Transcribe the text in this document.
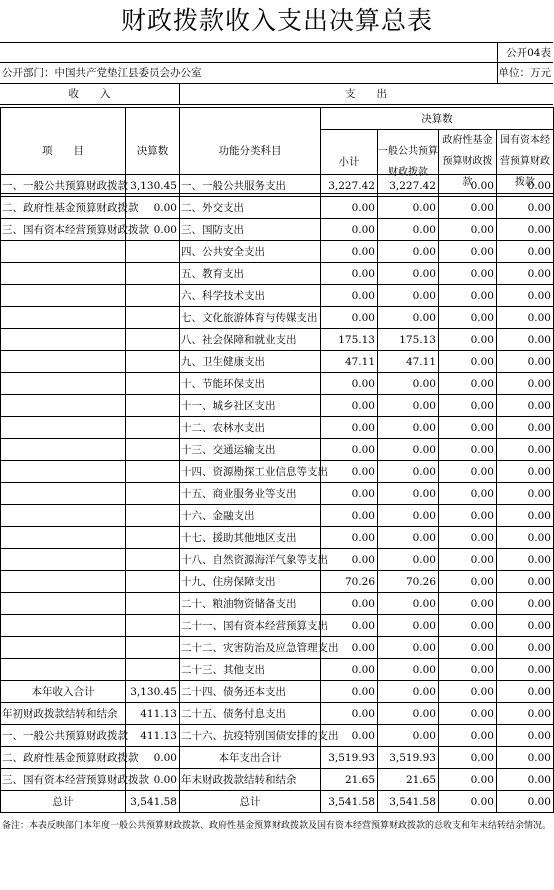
财政拨款收入支出决算总表
公开04表
公开部门：中国共产党垫江县委员会办公室	单位：万元
收　　入	支　　出
项　　目	决算数	功能分类科目	决算数			
			小计	一般公共预算财政拨款	政府性基金预算财政拨款	国有资本经营预算财政拨款

一、一般公共预算财政拨款	3,130.45	一、一般公共服务支出	3,227.42	3,227.42	0.00	0.00
二、政府性基金预算财政拨款	0.00	二、外交支出	0.00	0.00	0.00	0.00
三、国有资本经营预算财政拨款	0.00	三、国防支出	0.00	0.00	0.00	0.00
		四、公共安全支出	0.00	0.00	0.00	0.00
		五、教育支出	0.00	0.00	0.00	0.00
		六、科学技术支出	0.00	0.00	0.00	0.00
		七、文化旅游体育与传媒支出	0.00	0.00	0.00	0.00
		八、社会保障和就业支出	175.13	175.13	0.00	0.00
		九、卫生健康支出	47.11	47.11	0.00	0.00
		十、节能环保支出	0.00	0.00	0.00	0.00
		十一、城乡社区支出	0.00	0.00	0.00	0.00
		十二、农林水支出	0.00	0.00	0.00	0.00
		十三、交通运输支出	0.00	0.00	0.00	0.00
		十四、资源勘探工业信息等支出	0.00	0.00	0.00	0.00
		十五、商业服务业等支出	0.00	0.00	0.00	0.00
		十六、金融支出	0.00	0.00	0.00	0.00
		十七、援助其他地区支出	0.00	0.00	0.00	0.00
		十八、自然资源海洋气象等支出	0.00	0.00	0.00	0.00
		十九、住房保障支出	70.26	70.26	0.00	0.00
		二十、粮油物资储备支出	0.00	0.00	0.00	0.00
		二十一、国有资本经营预算支出	0.00	0.00	0.00	0.00
		二十二、灾害防治及应急管理支出	0.00	0.00	0.00	0.00
		二十三、其他支出	0.00	0.00	0.00	0.00
本年收入合计	3,130.45	二十四、债务还本支出	0.00	0.00	0.00	0.00
年初财政拨款结转和结余	411.13	二十五、债务付息支出	0.00	0.00	0.00	0.00
一、一般公共预算财政拨款	411.13	二十六、抗疫特别国债安排的支出	0.00	0.00	0.00	0.00
二、政府性基金预算财政拨款	0.00	本年支出合计	3,519.93	3,519.93	0.00	0.00
三、国有资本经营预算财政拨款	0.00	年末财政拨款结转和结余	21.65	21.65	0.00	0.00
总计	3,541.58	总计	3,541.58	3,541.58	0.00	0.00
备注：本表反映部门本年度一般公共预算财政拨款、政府性基金预算财政拨款及国有资本经营预算财政拨款的总收支和年末结转结余情况。
